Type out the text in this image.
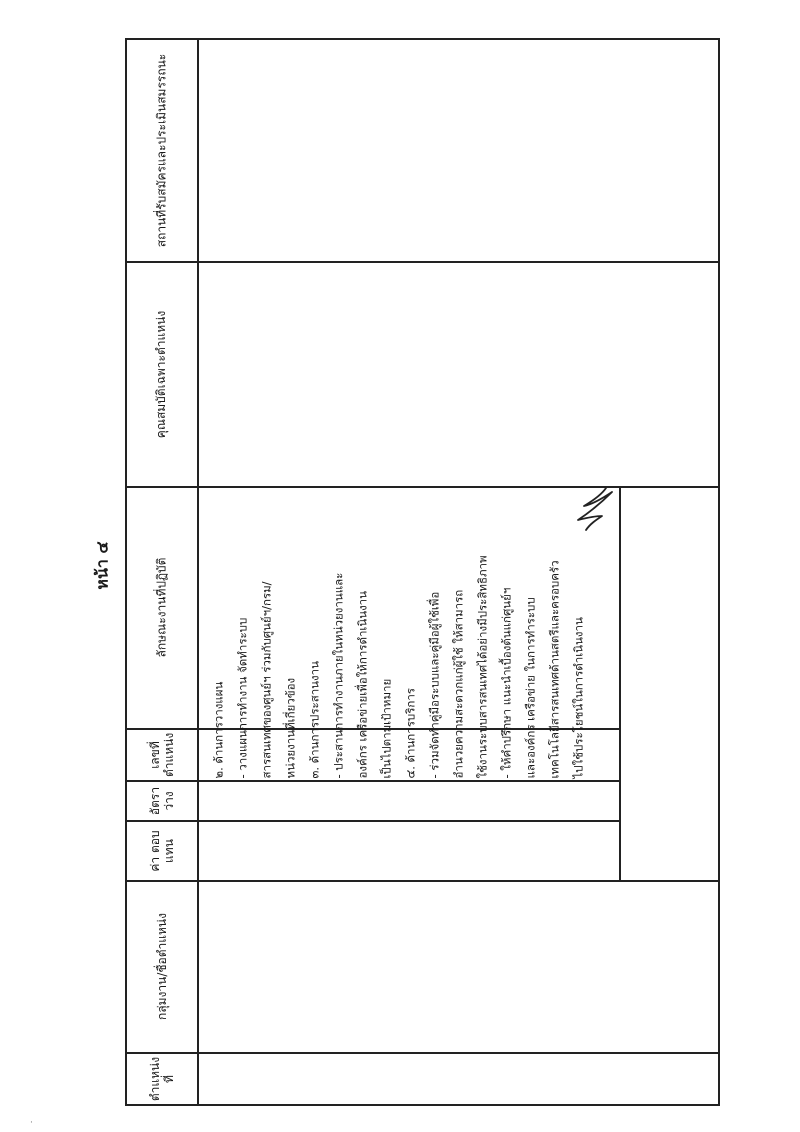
หน้า ๔
สถานที่รับสมัครและประเมินสมรรถนะ
คุณสมบัติเฉพาะตำแหน่ง
ลักษณะงานที่ปฏิบัติ
เลขที่ ตำแหน่ง
อัตรา ว่าง
ค่า ตอบ แทน
กลุ่มงาน/ชื่อตำแหน่ง
ตำแหน่ง ที่
๒. ด้านการวางแผน - วางแผนการทำงาน จัดทำระบบ สารสนเทศของศูนย์ฯ ร่วมกับศูนย์ฯ/กรม/ หน่วยงานที่เกี่ยวข้อง ๓. ด้านการประสานงาน - ประสานการทำงานภายในหน่วยงานและ องค์กร เครือข่ายเพื่อให้การดำเนินงาน เป็นไปตามเป้าหมาย ๔. ด้านการบริการ - ร่วมจัดทำคู่มือระบบและคู่มือผู้ใช้เพื่อ อำนวยความสะดวกแก่ผู้ใช้ ให้สามารถ ใช้งานระบบสารสนเทศได้อย่างมีประสิทธิภาพ - ให้คำปรึกษา แนะนำเบื้องต้นแก่ศูนย์ฯ และองค์กร เครือข่าย ในการทำระบบ เทคโนโลยีสารสนเทศด้านสตรีและครอบครัว ไปใช้ประโยชน์ในการดำเนินงาน
·
